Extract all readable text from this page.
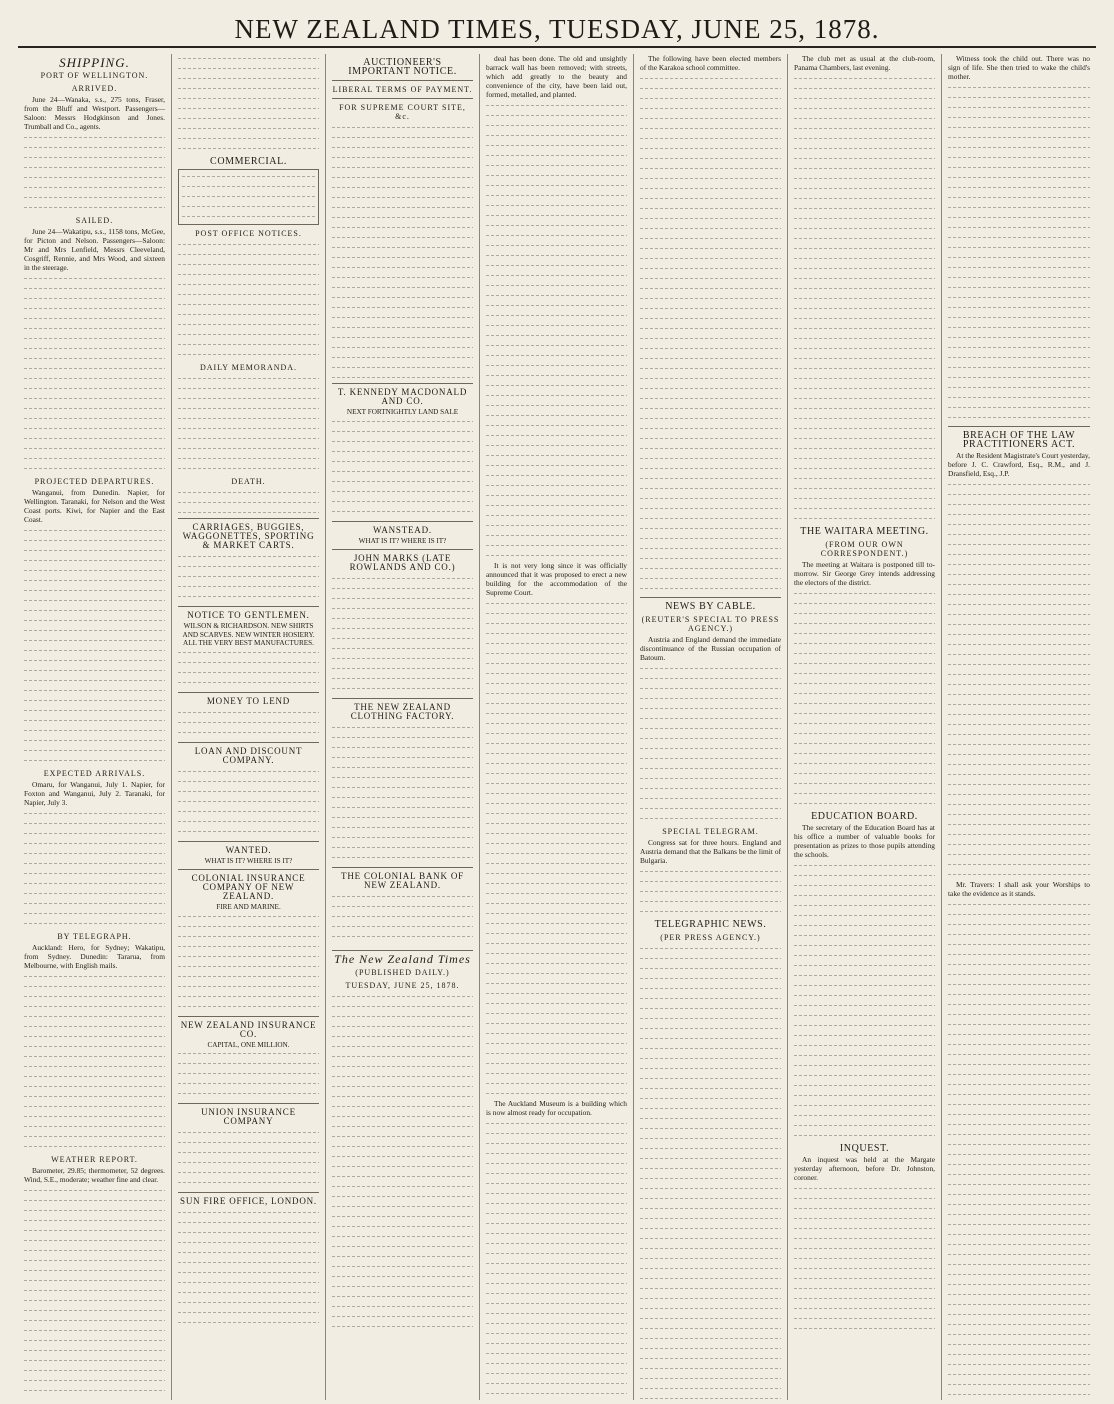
NEW ZEALAND TIMES, TUESDAY, JUNE 25, 1878.
SHIPPING.
PORT OF WELLINGTON.
ARRIVED.

June 24—Wanaka, s.s., 275 tons, Fraser, from the Bluff and Westport. Passengers—Saloon: Messrs Hodgkinson and Jones. Trumball and Co., agents.

SAILED.

June 24—Wakatipu, s.s., 1158 tons, McGee, for Picton and Nelson. Passengers—Saloon: Mr and Mrs Lenfield, Messrs Cleeveland, Cosgriff, Rennie, and Mrs Wood, and sixteen in the steerage.

PROJECTED DEPARTURES.

Wanganui, from Dunedin. Napier, for Wellington. Taranaki, for Nelson and the West Coast ports. Kiwi, for Napier and the East Coast.

EXPECTED ARRIVALS.

Omaru, for Wanganui, July 1. Napier, for Foxton and Wanganui, July 2. Taranaki, for Napier, July 3.

BY TELEGRAPH.

Auckland: Hero, for Sydney; Wakatipu, from Sydney. Dunedin: Tararua, from Melbourne, with English mails.

WEATHER REPORT.

Barometer, 29.85; thermometer, 52 degrees. Wind, S.E., moderate; weather fine and clear.

COMMERCIAL.
POST OFFICE NOTICES.
DAILY MEMORANDA.
DEATH.
CARRIAGES, BUGGIES, WAGGONETTES, SPORTING & MARKET CARTS.
NOTICE TO GENTLEMEN.
WILSON & RICHARDSON. NEW SHIRTS AND SCARVES. NEW WINTER HOSIERY. ALL THE VERY BEST MANUFACTURES.
MONEY TO LEND
LOAN AND DISCOUNT COMPANY.
WANTED.
WHAT IS IT? WHERE IS IT?
COLONIAL INSURANCE COMPANY OF NEW ZEALAND.
FIRE AND MARINE.
NEW ZEALAND INSURANCE CO.
CAPITAL, ONE MILLION.
UNION INSURANCE COMPANY
SUN FIRE OFFICE, LONDON.
AUCTIONEER'S IMPORTANT NOTICE.
LIBERAL TERMS OF PAYMENT.
FOR SUPREME COURT SITE, &c.
T. KENNEDY MACDONALD AND CO.
NEXT FORTNIGHTLY LAND SALE
WANSTEAD.
WHAT IS IT? WHERE IS IT?
JOHN MARKS (LATE ROWLANDS AND CO.)
THE NEW ZEALAND CLOTHING FACTORY.
THE COLONIAL BANK OF NEW ZEALAND.
The New Zealand Times
(PUBLISHED DAILY.)
TUESDAY, JUNE 25, 1878.

deal has been done. The old and unsightly barrack wall has been removed; with streets, which add greatly to the beauty and convenience of the city, have been laid out, formed, metalled, and planted.

It is not very long since it was officially announced that it was proposed to erect a new building for the accommodation of the Supreme Court.

The Auckland Museum is a building which is now almost ready for occupation.

The following have been elected members of the Karakoa school committee.

NEWS BY CABLE.
(REUTER'S SPECIAL TO PRESS AGENCY.)

Austria and England demand the immediate discontinuance of the Russian occupation of Batoum.

SPECIAL TELEGRAM.

Congress sat for three hours. England and Austria demand that the Balkans be the limit of Bulgaria.

TELEGRAPHIC NEWS.
(PER PRESS AGENCY.)

The club met as usual at the club-room, Panama Chambers, last evening.

THE WAITARA MEETING.
(FROM OUR OWN CORRESPONDENT.)

The meeting at Waitara is postponed till to-morrow. Sir George Grey intends addressing the electors of the district.

EDUCATION BOARD.

The secretary of the Education Board has at his office a number of valuable books for presentation as prizes to those pupils attending the schools.

INQUEST.

An inquest was held at the Margate yesterday afternoon, before Dr. Johnston, coroner.

Witness took the child out. There was no sign of life. She then tried to wake the child's mother.

BREACH OF THE LAW PRACTITIONERS ACT.

At the Resident Magistrate's Court yesterday, before J. C. Crawford, Esq., R.M., and J. Dransfield, Esq., J.P.

Mr. Travers: I shall ask your Worships to take the evidence as it stands.
